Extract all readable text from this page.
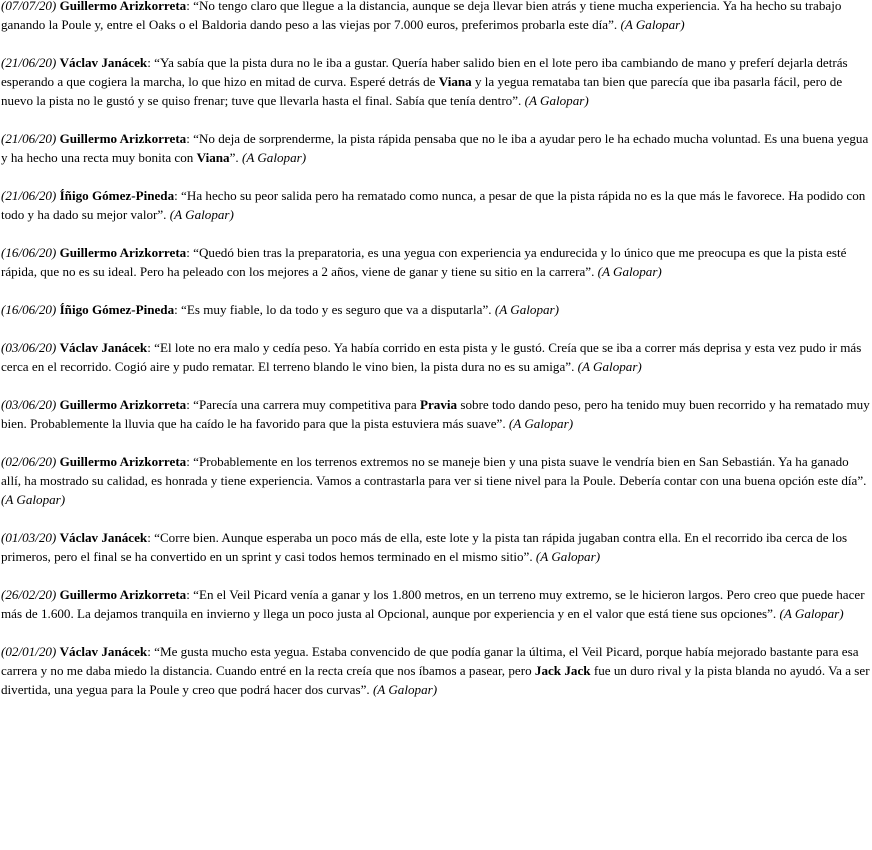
(07/07/20) Guillermo Arizkorreta: “No tengo claro que llegue a la distancia, aunque se deja llevar bien atrás y tiene mucha experiencia. Ya ha hecho su trabajo ganando la Poule y, entre el Oaks o el Baldoria dando peso a las viejas por 7.000 euros, preferimos probarla este día”. (A Galopar)

(21/06/20) Václav Janácek: “Ya sabía que la pista dura no le iba a gustar. Quería haber salido bien en el lote pero iba cambiando de mano y preferí dejarla detrás esperando a que cogiera la marcha, lo que hizo en mitad de curva. Esperé detrás de Viana y la yegua remataba tan bien que parecía que iba pasarla fácil, pero de nuevo la pista no le gustó y se quiso frenar; tuve que llevarla hasta el final. Sabía que tenía dentro”. (A Galopar)

(21/06/20) Guillermo Arizkorreta: “No deja de sorprenderme, la pista rápida pensaba que no le iba a ayudar pero le ha echado mucha voluntad. Es una buena yegua y ha hecho una recta muy bonita con Viana”. (A Galopar)

(21/06/20) Íñigo Gómez-Pineda: “Ha hecho su peor salida pero ha rematado como nunca, a pesar de que la pista rápida no es la que más le favorece. Ha podido con todo y ha dado su mejor valor”. (A Galopar)

(16/06/20) Guillermo Arizkorreta: “Quedó bien tras la preparatoria, es una yegua con experiencia ya endurecida y lo único que me preocupa es que la pista esté rápida, que no es su ideal. Pero ha peleado con los mejores a 2 años, viene de ganar y tiene su sitio en la carrera”. (A Galopar)

(16/06/20) Íñigo Gómez-Pineda: “Es muy fiable, lo da todo y es seguro que va a disputarla”. (A Galopar)

(03/06/20) Václav Janácek: “El lote no era malo y cedía peso. Ya había corrido en esta pista y le gustó. Creía que se iba a correr más deprisa y esta vez pudo ir más cerca en el recorrido. Cogió aire y pudo rematar. El terreno blando le vino bien, la pista dura no es su amiga”. (A Galopar)

(03/06/20) Guillermo Arizkorreta: “Parecía una carrera muy competitiva para Pravia sobre todo dando peso, pero ha tenido muy buen recorrido y ha rematado muy bien. Probablemente la lluvia que ha caído le ha favorido para que la pista estuviera más suave”. (A Galopar)

(02/06/20) Guillermo Arizkorreta: “Probablemente en los terrenos extremos no se maneje bien y una pista suave le vendría bien en San Sebastián. Ya ha ganado allí, ha mostrado su calidad, es honrada y tiene experiencia. Vamos a contrastarla para ver si tiene nivel para la Poule. Debería contar con una buena opción este día”. (A Galopar)

(01/03/20) Václav Janácek: “Corre bien. Aunque esperaba un poco más de ella, este lote y la pista tan rápida jugaban contra ella. En el recorrido iba cerca de los primeros, pero el final se ha convertido en un sprint y casi todos hemos terminado en el mismo sitio”. (A Galopar)

(26/02/20) Guillermo Arizkorreta: “En el Veil Picard venía a ganar y los 1.800 metros, en un terreno muy extremo, se le hicieron largos. Pero creo que puede hacer más de 1.600. La dejamos tranquila en invierno y llega un poco justa al Opcional, aunque por experiencia y en el valor que está tiene sus opciones”. (A Galopar)

(02/01/20) Václav Janácek: “Me gusta mucho esta yegua. Estaba convencido de que podía ganar la última, el Veil Picard, porque había mejorado bastante para esa carrera y no me daba miedo la distancia. Cuando entré en la recta creía que nos íbamos a pasear, pero Jack Jack fue un duro rival y la pista blanda no ayudó. Va a ser divertida, una yegua para la Poule y creo que podrá hacer dos curvas”. (A Galopar)
